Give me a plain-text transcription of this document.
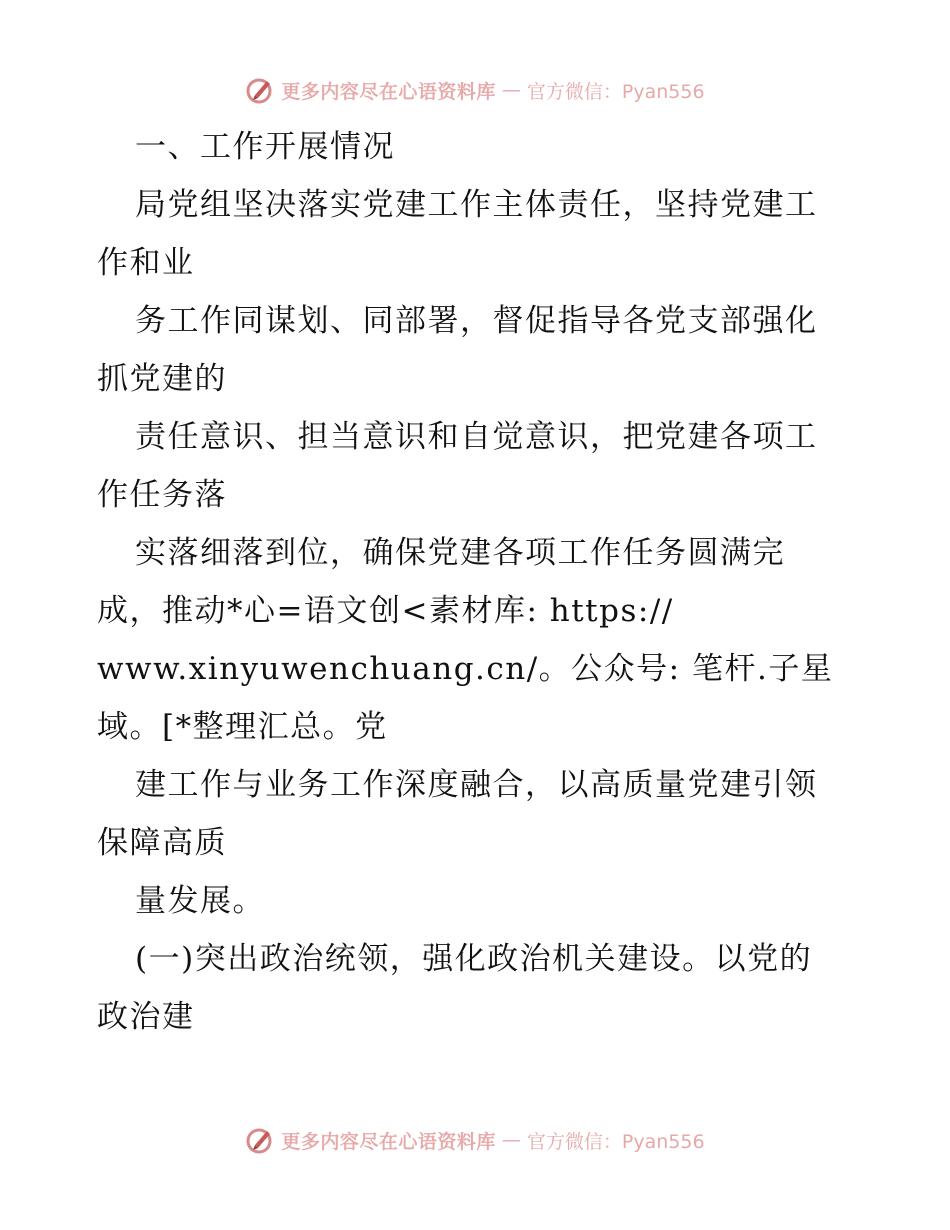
更多内容尽在心语资料库 — 官方微信：Pyan556
一、工作开展情况
局党组坚决落实党建工作主体责任，坚持党建工
作和业
务工作同谋划、同部署，督促指导各党支部强化
抓党建的
责任意识、担当意识和自觉意识，把党建各项工
作任务落
实落细落到位，确保党建各项工作任务圆满完
成，推动*心=语文创<素材库: https://
www.xinyuwenchuang.cn/。公众号: 笔杆.子星
域。[*整理汇总。党
建工作与业务工作深度融合，以高质量党建引领
保障高质
量发展。
(一)突出政治统领，强化政治机关建设。以党的
政治建
更多内容尽在心语资料库 — 官方微信：Pyan556
